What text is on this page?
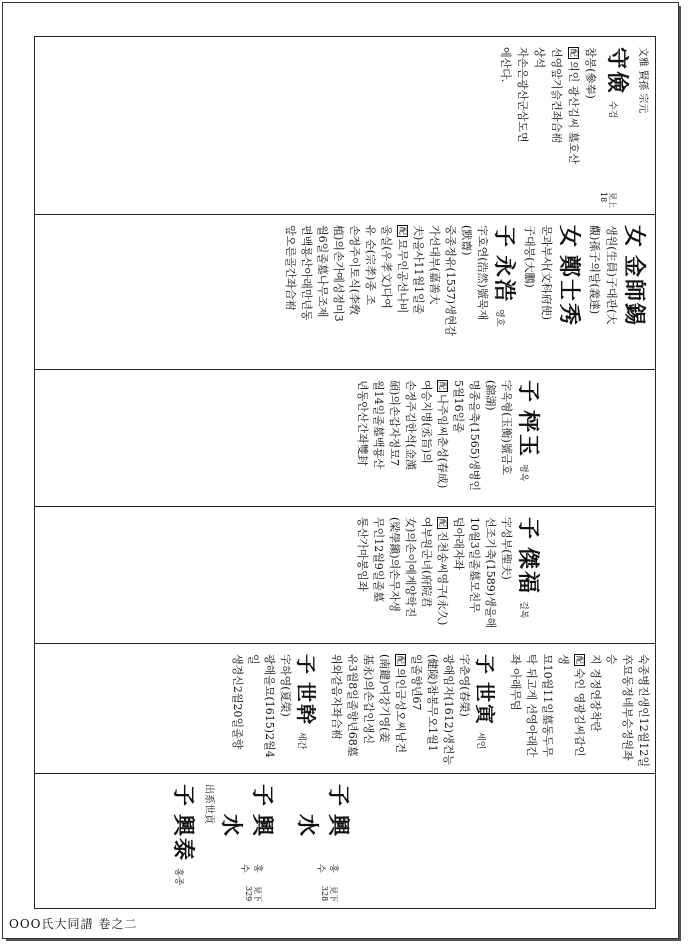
文雅 賢孫 宗元
守儉
수검
見上
18
참봉(參奉)
配의인 광산김씨 墓호산
선영앞기슭건좌合祔
상석
자손은광산군삼도면
에산다.
女
金師錫
생원(生員)子대관(大
觀)孫子의달(義達)
女
鄭士秀
문과부사(文科府使)
子대붕(大鵬)
子
永浩
영호
字호연(浩然)號묵재
(默齋)
중종정유(1537)생현감
가선대부(嘉善大
夫)을사11월1일졸
配묘무인공선나비
울실(우孝文)다여
유 순(宗孝)종 조
손정주이토식(李敎
植)의손가예성정미3
월6일졸墓나무조제
편백룡산아래만년동
앞오른골간좌合祔
子
枰玉
평옥
字옥형(玉衡)號금호
(錦湖)
명종을축(1565)생병인
5월16일졸
配나주임씨춘성(春成)
여승지병(丞旨)의
손정주김한석(金漢
碩)의손갑자정묘7
월14일졸墓백룡산
년동안산간좌雙封
子
傑福
걸복
字성부(聖夫)
선조기축(1589)생을해
10월3일졸墓모친무
덤아래자좌
配진천송씨영구(永久)
여부원군녀(府院君
女)의손이예계양학진
(梁學鎭)의손무자생
무인12월9일졸墓
통산가마봉임좌
숙종병진생인12월12일
卒묘동정네부승정원좌승
지 경정연장착란
配숙인 영광김씨갑인생
묘10월11일墓동두무
탁 뒤고게 선영아래간
좌 아래무덤
子
世寅
세인
字춘영(春榮)
광해임자(1612)생건능
(健陵)참봉무오1월1
일졸향년67
配의인금성오씨남건
(南鍵)여강기영(姜
基永)의손갑인생신
유3월8일졸향년68墓
위와같음자좌合祔
子
世幹
세간
字하영(夏榮)
광해을묘(1615)2월4일
생경신2월20일졸향
子
興水
홍수
見下
328
子
興水
홍수
見下
329
出系世貢
子
興泰
홍종
OOO氏大同譜 卷之二
